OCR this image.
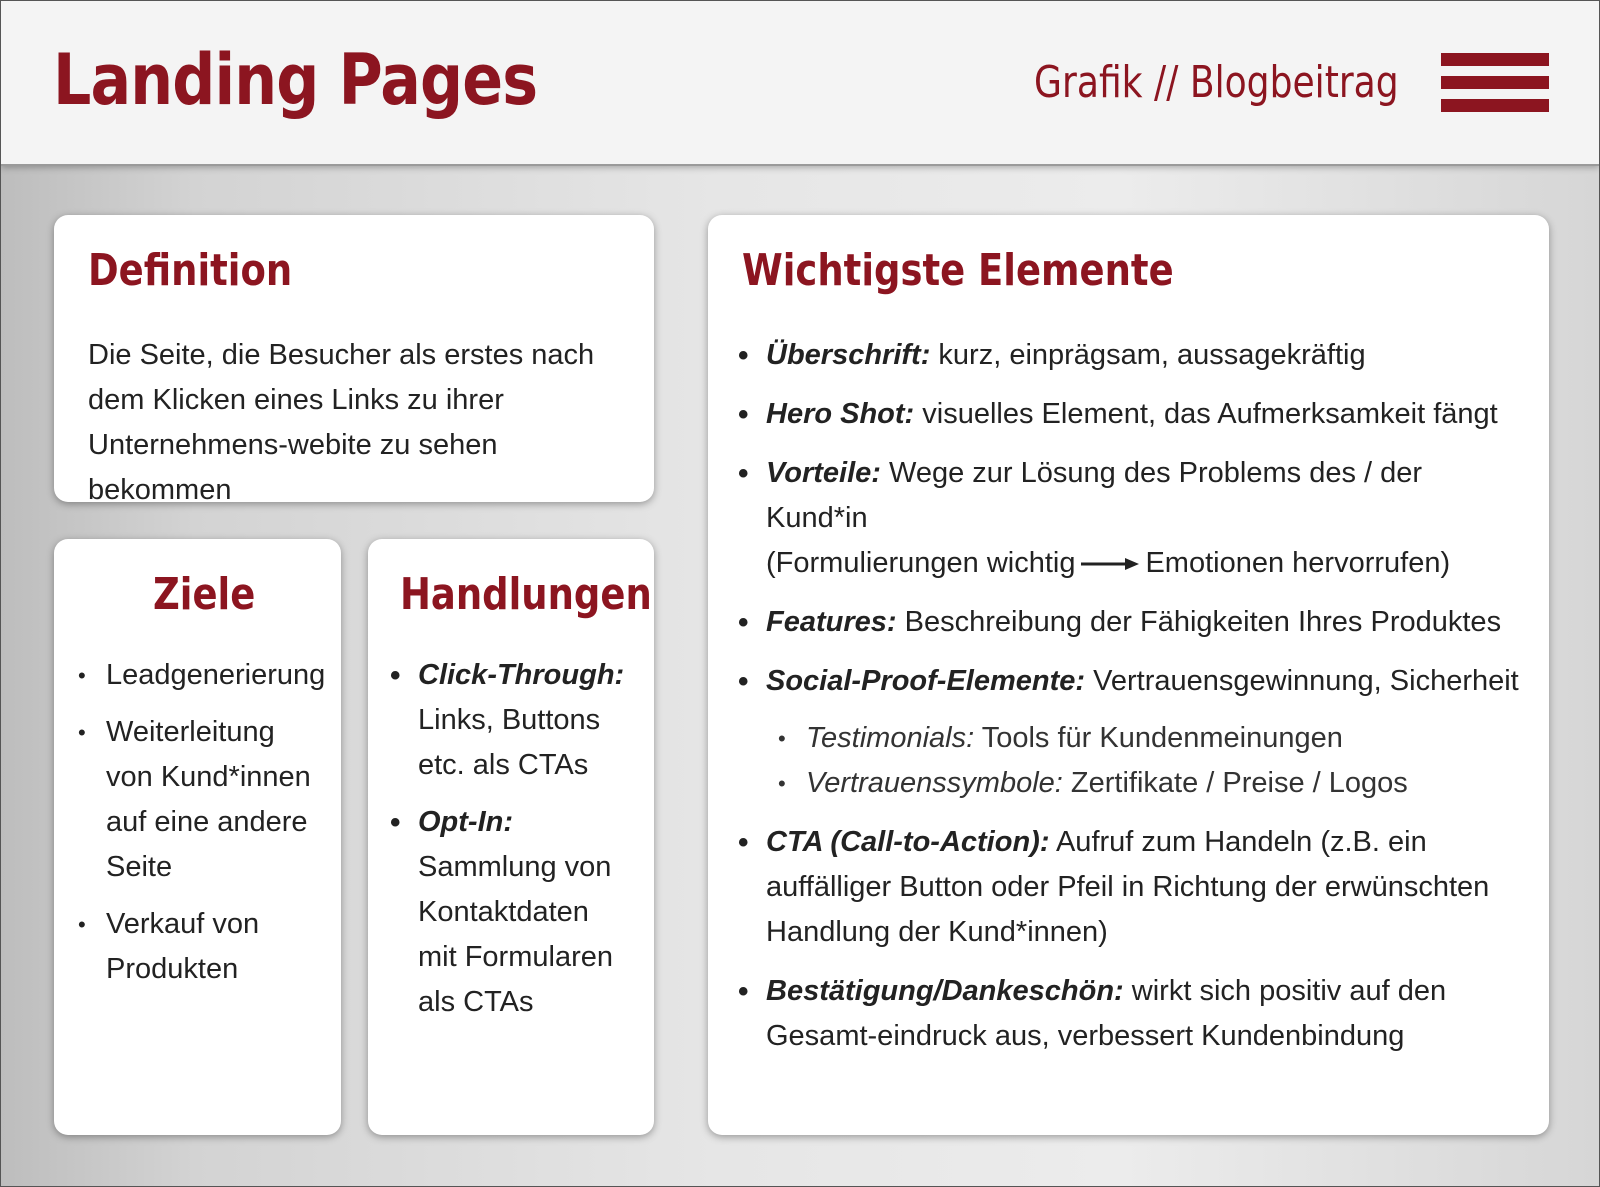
Landing Pages	Grafik // Blogbeitrag
Definition
Die Seite, die Besucher als erstes nach dem Klicken eines Links zu ihrer Unternehmens-webite zu sehen bekommen
Ziele
• Leadgenerierung
• Weiterleitung von Kund*innen auf eine andere Seite
• Verkauf von Produkten
Handlungen
• Click-Through:
Links, Buttons etc. als CTAs
• Opt-In:
Sammlung von Kontaktdaten mit Formularen als CTAs
Wichtigste Elemente
• Überschrift: kurz, einprägsam, aussagekräftig
• Hero Shot: visuelles Element, das Aufmerksamkeit fängt
• Vorteile: Wege zur Lösung des Problems des / der Kund*in
(Formulierungen wichtig Emotionen hervorrufen)
• Features: Beschreibung der Fähigkeiten Ihres Produktes
• Social-Proof-Elemente: Vertrauensgewinnung, Sicherheit
• Testimonials: Tools für Kundenmeinungen
• Vertrauenssymbole: Zertifikate / Preise / Logos
• CTA (Call-to-Action): Aufruf zum Handeln (z.B. ein auffälliger Button oder Pfeil in Richtung der erwünschten Handlung der Kund*innen)
• Bestätigung/Dankeschön: wirkt sich positiv auf den Gesamt-eindruck aus, verbessert Kundenbindung
